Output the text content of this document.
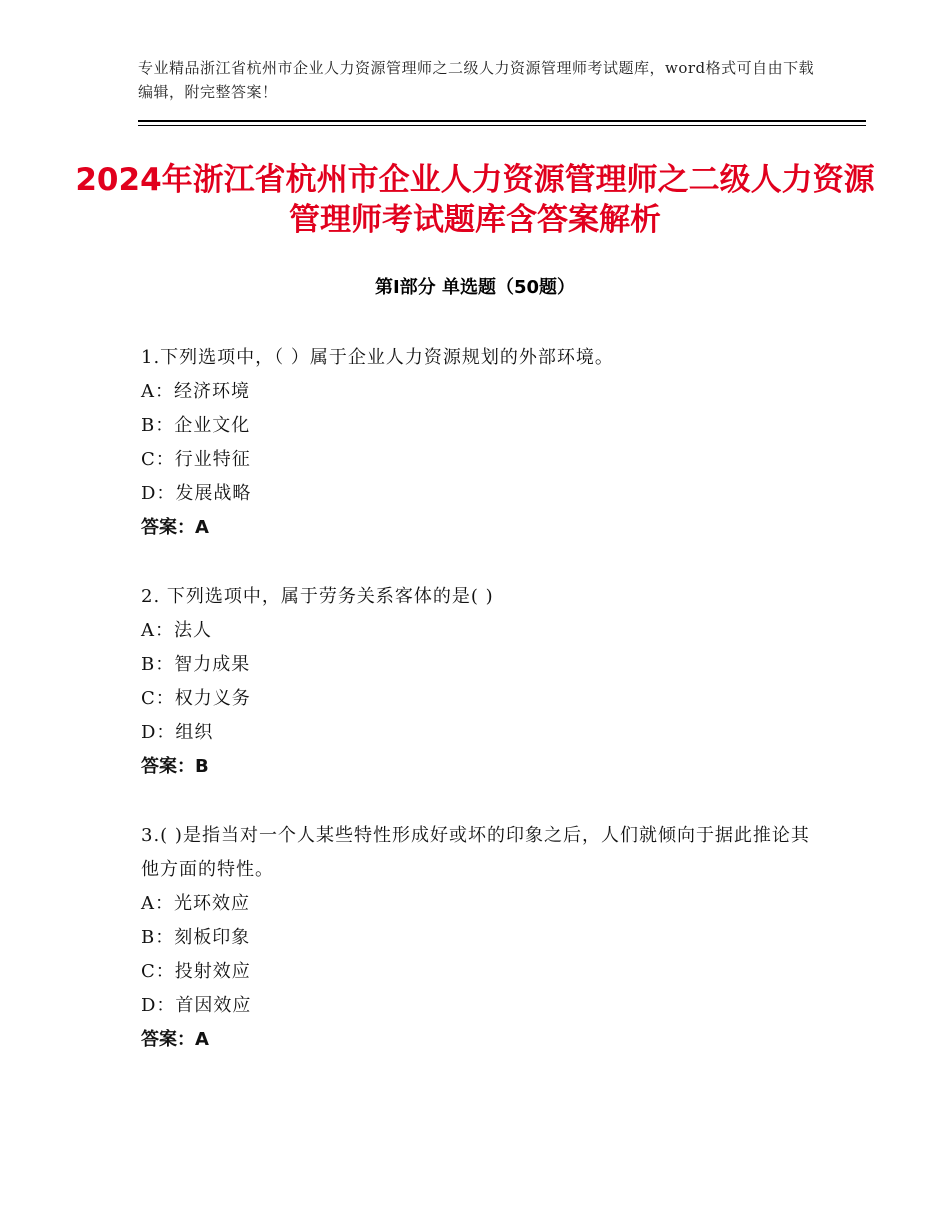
专业精品浙江省杭州市企业人力资源管理师之二级人力资源管理师考试题库，word格式可自由下载编辑，附完整答案！
2024年浙江省杭州市企业人力资源管理师之二级人力资源管理师考试题库含答案解析
第Ⅰ部分 单选题（50题）
1.下列选项中，（ ）属于企业人力资源规划的外部环境。
A：经济环境
B：企业文化
C：行业特征
D：发展战略
答案：A
2. 下列选项中，属于劳务关系客体的是( )
A：法人
B：智力成果
C：权力义务
D：组织
答案：B
3.( )是指当对一个人某些特性形成好或坏的印象之后，人们就倾向于据此推论其他方面的特性。
A：光环效应
B：刻板印象
C：投射效应
D：首因效应
答案：A
